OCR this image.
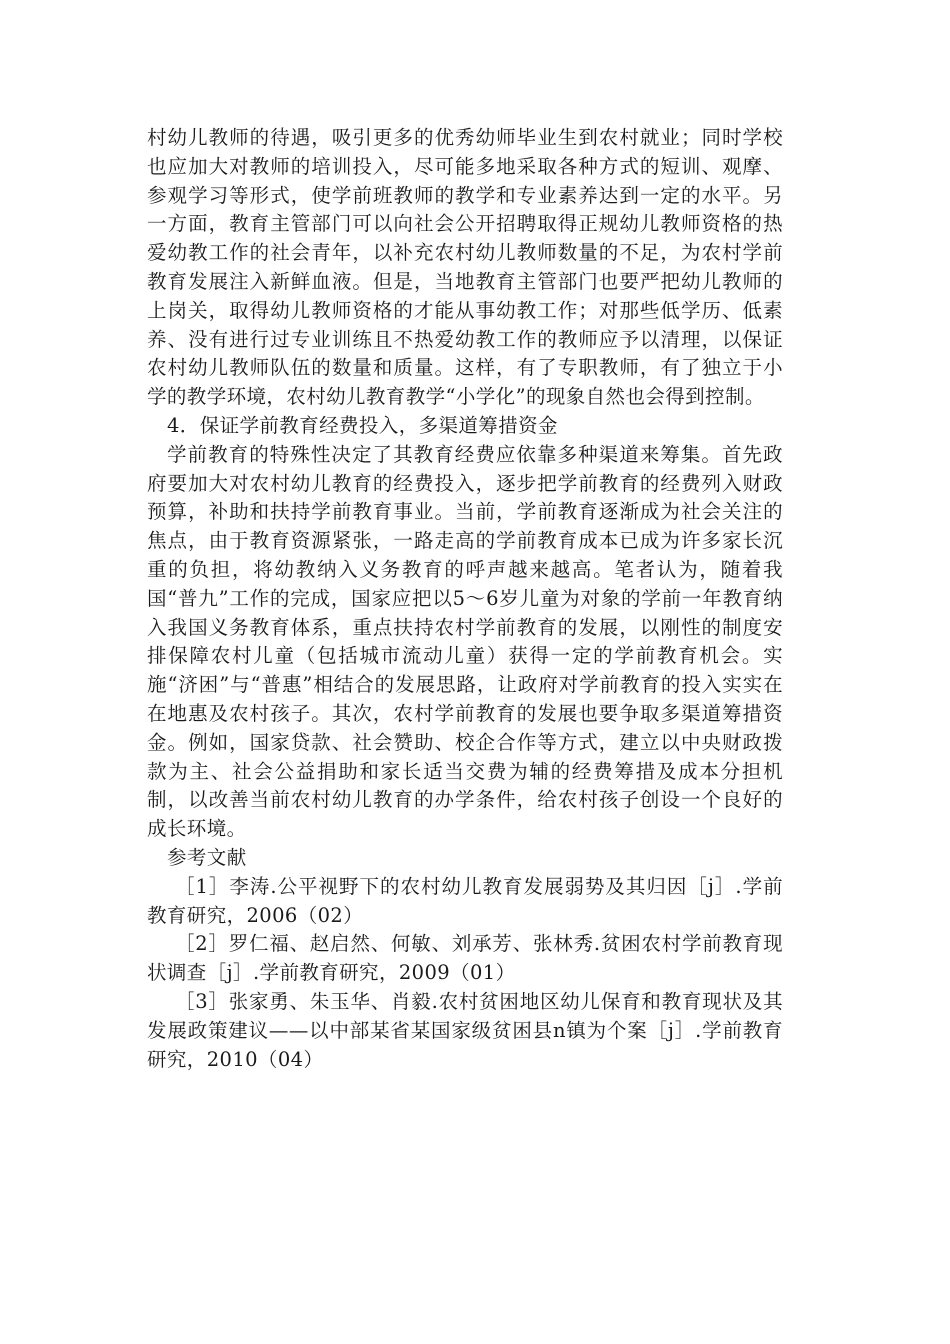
村幼儿教师的待遇，吸引更多的优秀幼师毕业生到农村就业；同时学校也应加大对教师的培训投入，尽可能多地采取各种方式的短训、观摩、参观学习等形式，使学前班教师的教学和专业素养达到一定的水平。另一方面，教育主管部门可以向社会公开招聘取得正规幼儿教师资格的热爱幼教工作的社会青年，以补充农村幼儿教师数量的不足，为农村学前教育发展注入新鲜血液。但是，当地教育主管部门也要严把幼儿教师的上岗关，取得幼儿教师资格的才能从事幼教工作；对那些低学历、低素养、没有进行过专业训练且不热爱幼教工作的教师应予以清理，以保证农村幼儿教师队伍的数量和质量。这样，有了专职教师，有了独立于小学的教学环境，农村幼儿教育教学“小学化”的现象自然也会得到控制。

4．保证学前教育经费投入，多渠道筹措资金

学前教育的特殊性决定了其教育经费应依靠多种渠道来筹集。首先政府要加大对农村幼儿教育的经费投入，逐步把学前教育的经费列入财政预算，补助和扶持学前教育事业。当前，学前教育逐渐成为社会关注的焦点，由于教育资源紧张，一路走高的学前教育成本已成为许多家长沉重的负担，将幼教纳入义务教育的呼声越来越高。笔者认为，随着我国“普九”工作的完成，国家应把以5～6岁儿童为对象的学前一年教育纳入我国义务教育体系，重点扶持农村学前教育的发展，以刚性的制度安排保障农村儿童（包括城市流动儿童）获得一定的学前教育机会。实施“济困”与“普惠”相结合的发展思路，让政府对学前教育的投入实实在在地惠及农村孩子。其次，农村学前教育的发展也要争取多渠道筹措资金。例如，国家贷款、社会赞助、校企合作等方式，建立以中央财政拨款为主、社会公益捐助和家长适当交费为辅的经费筹措及成本分担机制，以改善当前农村幼儿教育的办学条件，给农村孩子创设一个良好的成长环境。

参考文献

［1］李涛.公平视野下的农村幼儿教育发展弱势及其归因［j］.学前教育研究，2006（02）

［2］罗仁福、赵启然、何敏、刘承芳、张林秀.贫困农村学前教育现状调查［j］.学前教育研究，2009（01）

［3］张家勇、朱玉华、肖毅.农村贫困地区幼儿保育和教育现状及其发展政策建议——以中部某省某国家级贫困县n镇为个案［j］.学前教育研究，2010（04）
